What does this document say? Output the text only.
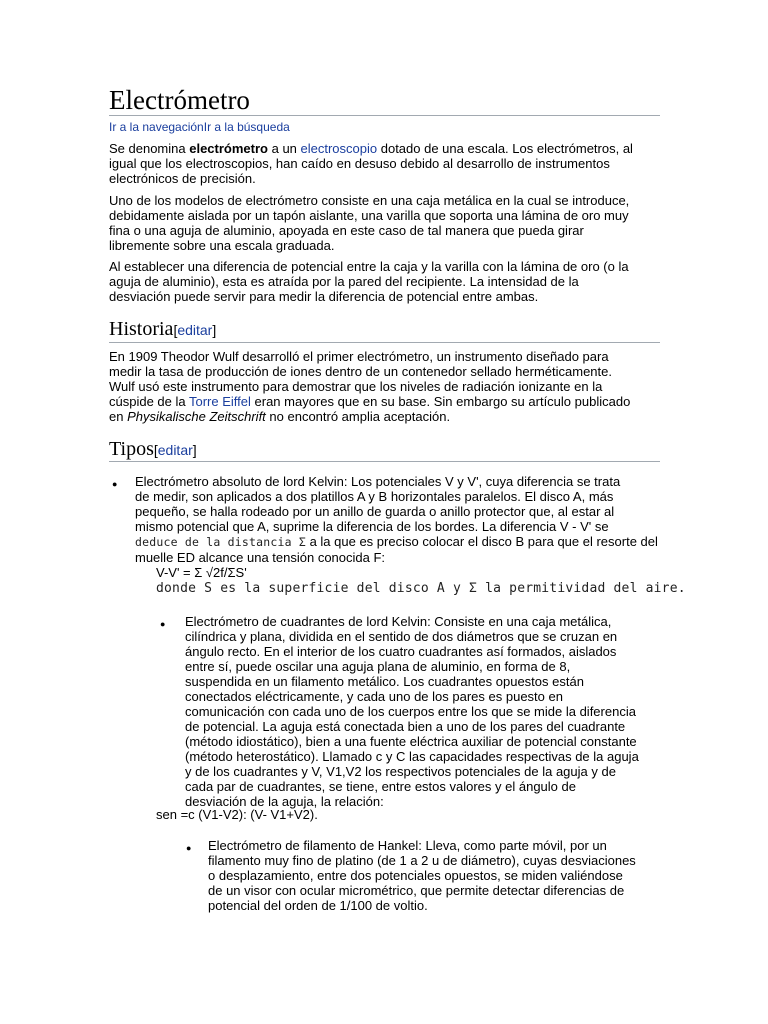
Electrómetro
Ir a la navegaciónIr a la búsqueda

Se denomina electrómetro a un electroscopio dotado de una escala. Los electrómetros, al

igual que los electroscopios, han caído en desuso debido al desarrollo de instrumentos

electrónicos de precisión.

Uno de los modelos de electrómetro consiste en una caja metálica en la cual se introduce,

debidamente aislada por un tapón aislante, una varilla que soporta una lámina de oro muy

fina o una aguja de aluminio, apoyada en este caso de tal manera que pueda girar

libremente sobre una escala graduada.

Al establecer una diferencia de potencial entre la caja y la varilla con la lámina de oro (o la

aguja de aluminio), esta es atraída por la pared del recipiente. La intensidad de la

desviación puede servir para medir la diferencia de potencial entre ambas.

Historia[editar]

En 1909 Theodor Wulf desarrolló el primer electrómetro, un instrumento diseñado para

medir la tasa de producción de iones dentro de un contenedor sellado herméticamente.

Wulf usó este instrumento para demostrar que los niveles de radiación ionizante en la

cúspide de la Torre Eiffel eran mayores que en su base. Sin embargo su artículo publicado

en Physikalische Zeitschrift no encontró amplia aceptación.

Tipos[editar]
● Electrómetro absoluto de lord Kelvin: Los potenciales V y V', cuya diferencia se trata

de medir, son aplicados a dos platillos A y B horizontales paralelos. El disco A, más

pequeño, se halla rodeado por un anillo de guarda o anillo protector que, al estar al

mismo potencial que A, suprime la diferencia de los bordes. La diferencia V - V' se

deduce de la distancia Σ a la que es preciso colocar el disco B para que el resorte del

muelle ED alcance una tensión conocida F:

V-V' = Σ √2f/ΣS'

donde S es la superficie del disco A y Σ la permitividad del aire.

● Electrómetro de cuadrantes de lord Kelvin: Consiste en una caja metálica,

cilíndrica y plana, dividida en el sentido de dos diámetros que se cruzan en

ángulo recto. En el interior de los cuatro cuadrantes así formados, aislados

entre sí, puede oscilar una aguja plana de aluminio, en forma de 8,

suspendida en un filamento metálico. Los cuadrantes opuestos están

conectados eléctricamente, y cada uno de los pares es puesto en

comunicación con cada uno de los cuerpos entre los que se mide la diferencia

de potencial. La aguja está conectada bien a uno de los pares del cuadrante

(método idiostático), bien a una fuente eléctrica auxiliar de potencial constante

(método heterostático). Llamado c y C las capacidades respectivas de la aguja

y de los cuadrantes y V, V1,V2 los respectivos potenciales de la aguja y de

cada par de cuadrantes, se tiene, entre estos valores y el ángulo de

desviación de la aguja, la relación:

sen =c (V1-V2): (V- V1+V2).

● Electrómetro de filamento de Hankel: Lleva, como parte móvil, por un

filamento muy fino de platino (de 1 a 2 u de diámetro), cuyas desviaciones

o desplazamiento, entre dos potenciales opuestos, se miden valiéndose

de un visor con ocular micrométrico, que permite detectar diferencias de

potencial del orden de 1/100 de voltio.
